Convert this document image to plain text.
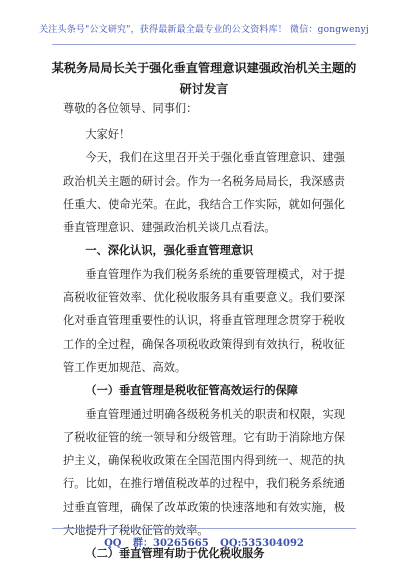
关注头条号"公文研究"，获得最新最全最专业的公文资料库！ 微信：gongwenyj
某税务局局长关于强化垂直管理意识建强政治机关主题的
研讨发言
尊敬的各位领导、同事们：
大家好！
今天，我们在这里召开关于强化垂直管理意识、建强政治机关主题的研讨会。作为一名税务局局长，我深感责任重大、使命光荣。在此，我结合工作实际，就如何强化垂直管理意识、建强政治机关谈几点看法。
一、深化认识，强化垂直管理意识
垂直管理作为我们税务系统的重要管理模式，对于提高税收征管效率、优化税收服务具有重要意义。我们要深化对垂直管理重要性的认识，将垂直管理理念贯穿于税收工作的全过程，确保各项税收政策得到有效执行，税收征管工作更加规范、高效。
（一）垂直管理是税收征管高效运行的保障
垂直管理通过明确各级税务机关的职责和权限，实现了税收征管的统一领导和分级管理。它有助于消除地方保护主义，确保税收政策在全国范围内得到统一、规范的执行。比如，在推行增值税改革的过程中，我们税务系统通过垂直管理，确保了改革政策的快速落地和有效实施，极大地提升了税收征管的效率。
（二）垂直管理有助于优化税收服务
QQ 群：30265665 QQ:535304092
